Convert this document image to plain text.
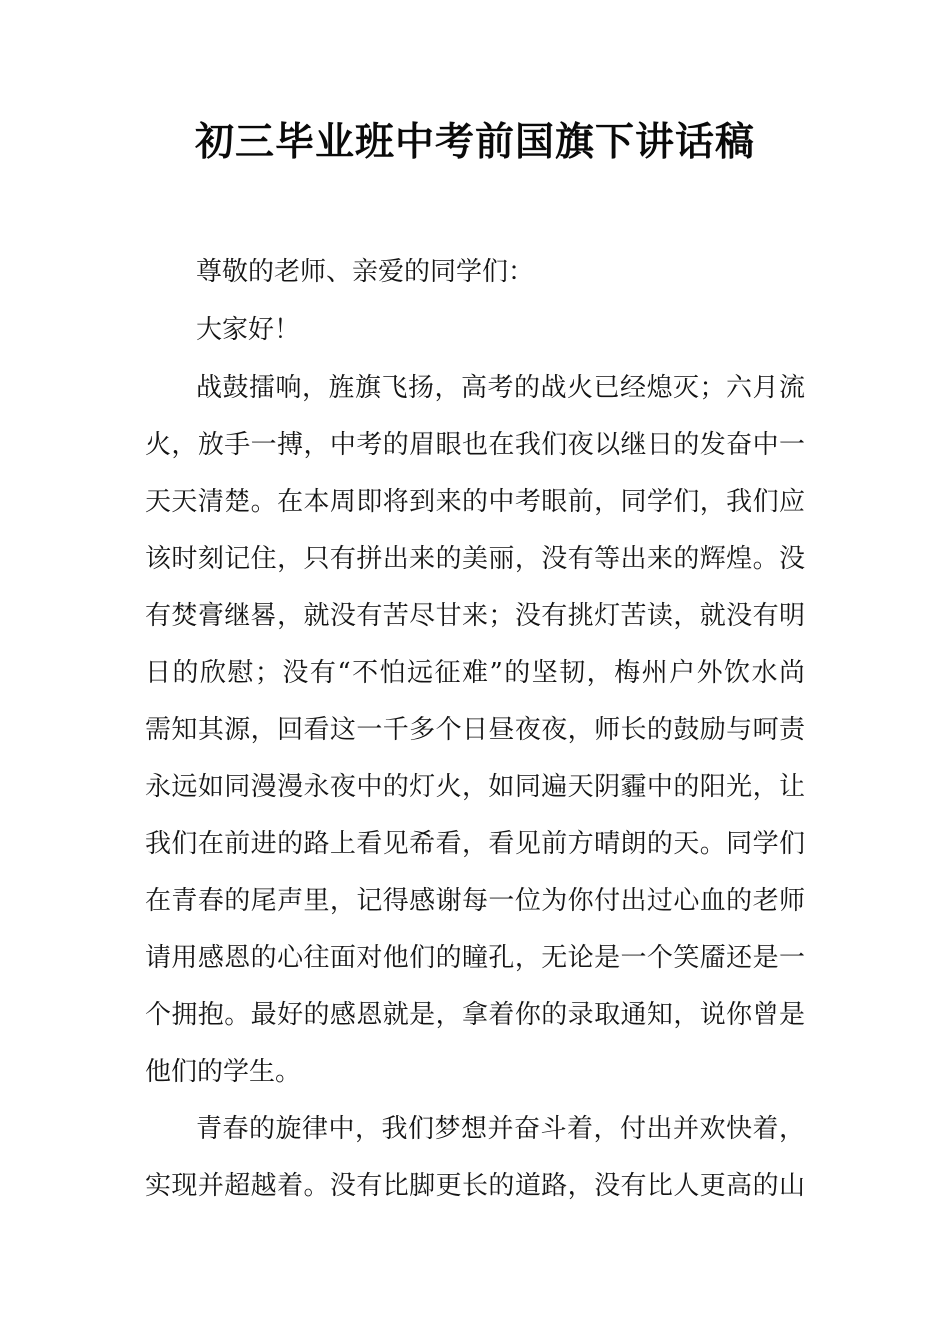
初三毕业班中考前国旗下讲话稿
尊敬的老师、亲爱的同学们：
大家好！
战鼓擂响，旌旗飞扬，高考的战火已经熄灭；六月流
火，放手一搏，中考的眉眼也在我们夜以继日的发奋中一
天天清楚。在本周即将到来的中考眼前，同学们，我们应
该时刻记住，只有拼出来的美丽，没有等出来的辉煌。没
有焚膏继晷，就没有苦尽甘来；没有挑灯苦读，就没有明
日的欣慰；没有“不怕远征难”的坚韧，梅州户外饮水尚
需知其源，回看这一千多个日昼夜夜，师长的鼓励与呵责
永远如同漫漫永夜中的灯火，如同遍天阴霾中的阳光，让
我们在前进的路上看见希看，看见前方晴朗的天。同学们
在青春的尾声里，记得感谢每一位为你付出过心血的老师
请用感恩的心往面对他们的瞳孔，无论是一个笑靥还是一
个拥抱。最好的感恩就是，拿着你的录取通知，说你曾是
他们的学生。
青春的旋律中，我们梦想并奋斗着，付出并欢快着，
实现并超越着。没有比脚更长的道路，没有比人更高的山
